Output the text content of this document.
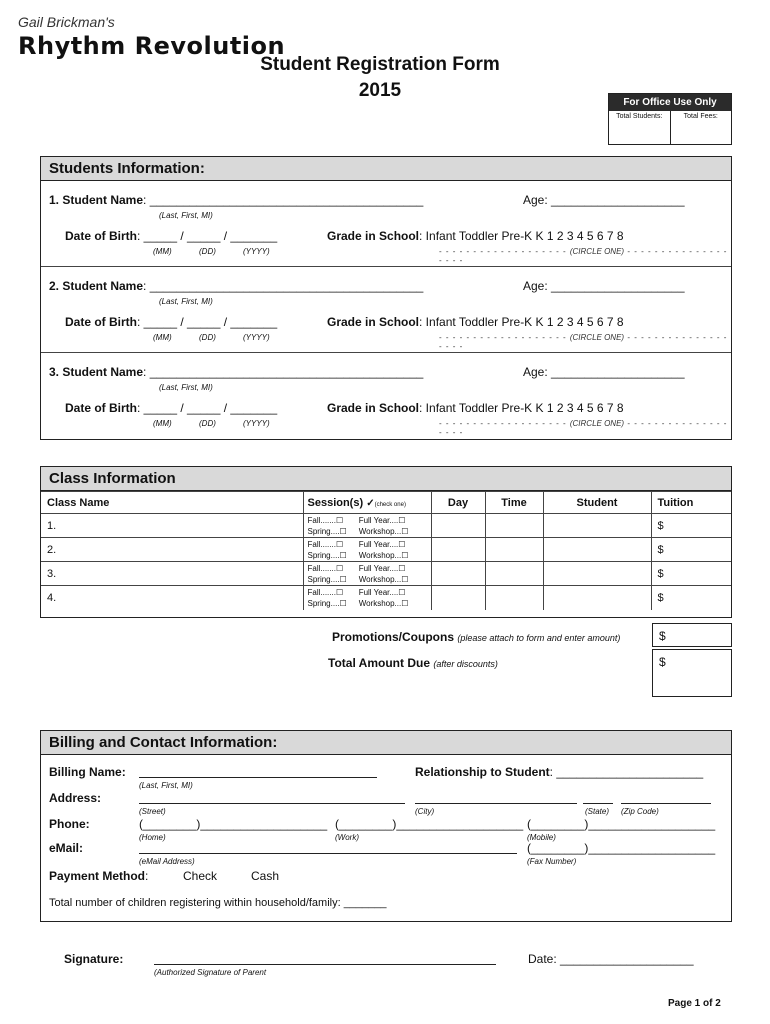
Gail Brickman's
Rhythm Revolution
Student Registration Form
2015
For Office Use Only
Total Students:	Total Fees:
Students Information:
1. Student Name: _________________________________________	Age: ____________________
(Last, First, MI)
Date of Birth: _____ / _____ / _______
(MM)	(DD)	(YYYY)
Grade in School: Infant Toddler Pre-K K 1 2 3 4 5 6 7 8
- - - - - - - - - - - - - - - - - - - (CIRCLE ONE) - - - - - - - - - - - - - - - - - - -
2. Student Name: _________________________________________	Age: ____________________
(Last, First, MI)
Date of Birth: _____ / _____ / _______
(MM)	(DD)	(YYYY)
Grade in School: Infant Toddler Pre-K K 1 2 3 4 5 6 7 8
- - - - - - - - - - - - - - - - - - - (CIRCLE ONE) - - - - - - - - - - - - - - - - - - -
3. Student Name: _________________________________________	Age: ____________________
(Last, First, MI)
Date of Birth: _____ / _____ / _______
(MM)	(DD)	(YYYY)
Grade in School: Infant Toddler Pre-K K 1 2 3 4 5 6 7 8
- - - - - - - - - - - - - - - - - - - (CIRCLE ONE) - - - - - - - - - - - - - - - - - - -
Class Information
Class Name	Session(s) ✓(check one)	Day	Time	Student	Tuition
1.	Fall.......☐
Spring....☐
Full Year....☐
Workshop...☐				$
2.	Fall.......☐
Spring....☐
Full Year....☐
Workshop...☐				$
3.	Fall.......☐
Spring....☐
Full Year....☐
Workshop...☐				$
4.	Fall.......☐
Spring....☐
Full Year....☐
Workshop...☐				$
Promotions/Coupons (please attach to form and enter amount)	$
Total Amount Due (after discounts)	$
Billing and Contact Information:
Billing Name:	Relationship to Student: ______________________
(Last, First, MI)
Address:
(Street)	(City)	(State) (Zip Code)
Phone:	(________)___________________ (________)___________________ (________)___________________
(Home)	(Work)	(Mobile)
eMail:	(________)___________________
(eMail Address)	(Fax Number)
Payment Method:	Check	Cash
Total number of children registering within household/family: _______
Signature:
(Authorized Signature of Parent
Date: ____________________
Page 1 of 2
